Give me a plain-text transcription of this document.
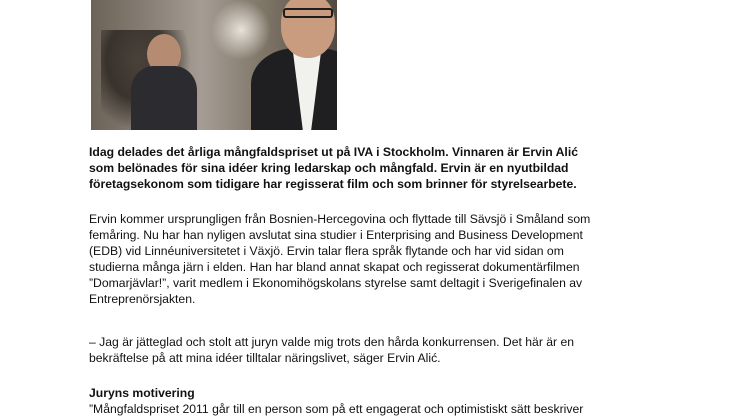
Idag delades det årliga mångfaldspriset ut på IVA i Stockholm. Vinnaren är Ervin Alić
som belönades för sina idéer kring ledarskap och mångfald. Ervin är en nyutbildad
företagsekonom som tidigare har regisserat film och som brinner för styrelsearbete.
Ervin kommer ursprungligen från Bosnien-Hercegovina och flyttade till Sävsjö i Småland som
femåring. Nu har han nyligen avslutat sina studier i Enterprising and Business Development
(EDB) vid Linnéuniversitetet i Växjö. Ervin talar flera språk flytande och har vid sidan om
studierna många järn i elden. Han har bland annat skapat och regisserat dokumentärfilmen
”Domarjävlar!”, varit medlem i Ekonomihögskolans styrelse samt deltagit i Sverigefinalen av
Entreprenörsjakten.
– Jag är jätteglad och stolt att juryn valde mig trots den hårda konkurrensen. Det här är en
bekräftelse på att mina idéer tilltalar näringslivet, säger Ervin Alić.
Juryns motivering
”Mångfaldspriset 2011 går till en person som på ett engagerat och optimistiskt sätt beskriver
